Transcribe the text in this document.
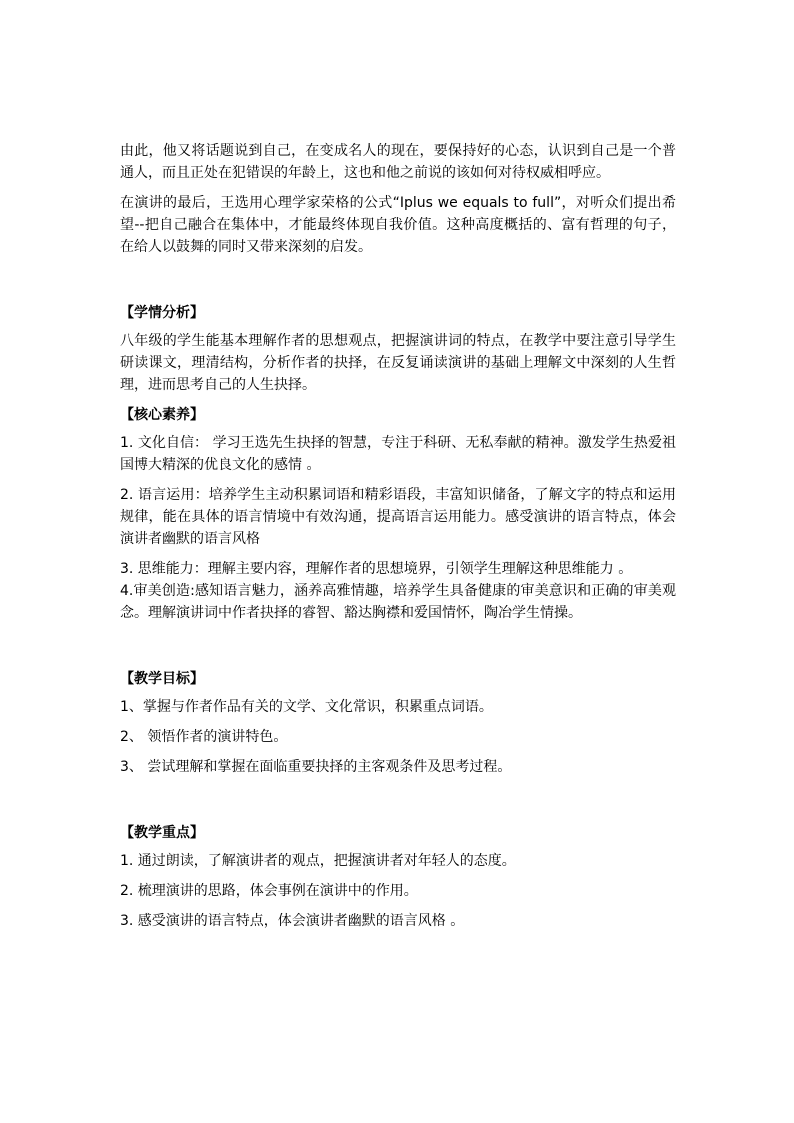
由此，他又将话题说到自己，在变成名人的现在，要保持好的心态，认识到自己是一个普通人，而且正处在犯错误的年龄上，这也和他之前说的该如何对待权威相呼应。

在演讲的最后，王选用心理学家荣格的公式“Iplus we equals to full”，对听众们提出希望--把自己融合在集体中，才能最终体现自我价值。这种高度概括的、富有哲理的句子，在给人以鼓舞的同时又带来深刻的启发。

【学情分析】

八年级的学生能基本理解作者的思想观点，把握演讲词的特点，在教学中要注意引导学生研读课文，理清结构，分析作者的抉择，在反复诵读演讲的基础上理解文中深刻的人生哲理，进而思考自己的人生抉择。

【核心素养】

1. 文化自信： 学习王选先生抉择的智慧，专注于科研、无私奉献的精神。激发学生热爱祖国博大精深的优良文化的感情 。

2. 语言运用：培养学生主动积累词语和精彩语段，丰富知识储备，了解文字的特点和运用规律，能在具体的语言情境中有效沟通，提高语言运用能力。感受演讲的语言特点，体会演讲者幽默的语言风格

3. 思维能力：理解主要内容，理解作者的思想境界，引领学生理解这种思维能力 。

4.审美创造:感知语言魅力，涵养高雅情趣，培养学生具备健康的审美意识和正确的审美观念。理解演讲词中作者抉择的睿智、豁达胸襟和爱国情怀，陶冶学生情操。

【教学目标】

1、掌握与作者作品有关的文学、文化常识，积累重点词语。

2、 领悟作者的演讲特色。

3、 尝试理解和掌握在面临重要抉择的主客观条件及思考过程。

【教学重点】

1. 通过朗读，了解演讲者的观点，把握演讲者对年轻人的态度。

2. 梳理演讲的思路，体会事例在演讲中的作用。

3. 感受演讲的语言特点，体会演讲者幽默的语言风格 。
